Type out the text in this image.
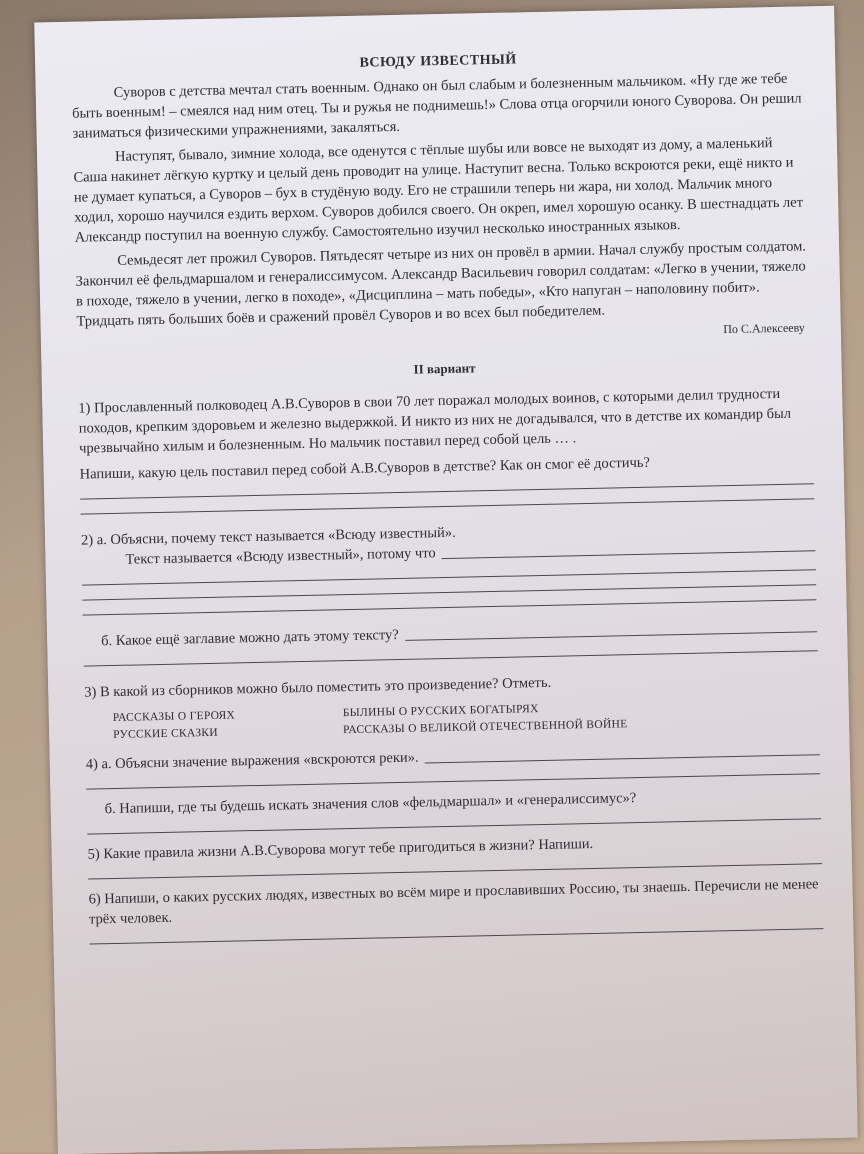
ВСЮДУ ИЗВЕСТНЫЙ

Суворов с детства мечтал стать военным. Однако он был слабым и болезненным мальчиком. «Ну где же тебе быть военным! – смеялся над ним отец. Ты и ружья не поднимешь!» Слова отца огорчили юного Суворова. Он решил заниматься физическими упражнениями, закаляться.

Наступят, бывало, зимние холода, все оденутся с тёплые шубы или вовсе не выходят из дому, а маленький Саша накинет лёгкую куртку и целый день проводит на улице. Наступит весна. Только вскроются реки, ещё никто и не думает купаться, а Суворов – бух в студёную воду. Его не страшили теперь ни жара, ни холод. Мальчик много ходил, хорошо научился ездить верхом. Суворов добился своего. Он окреп, имел хорошую осанку. В шестнадцать лет Александр поступил на военную службу. Самостоятельно изучил несколько иностранных языков.

Семьдесят лет прожил Суворов. Пятьдесят четыре из них он провёл в армии. Начал службу простым солдатом. Закончил её фельдмаршалом и генералиссимусом. Александр Васильевич говорил солдатам: «Легко в учении, тяжело в походе, тяжело в учении, легко в походе», «Дисциплина – мать победы», «Кто напуган – наполовину побит». Тридцать пять больших боёв и сражений провёл Суворов и во всех был победителем.	По С.Алексееву
II вариант

1) Прославленный полководец А.В.Суворов в свои 70 лет поражал молодых воинов, с которыми делил трудности походов, крепким здоровьем и железно выдержкой. И никто из них не догадывался, что в детстве их командир был чрезвычайно хилым и болезненным. Но мальчик поставил перед собой цель … .

Напиши, какую цель поставил перед собой А.В.Суворов в детстве? Как он смог её достичь?

2) а. Объясни, почему текст называется «Всюду известный».

Текст называется «Всюду известный», потому что
б. Какое ещё заглавие можно дать этому тексту?

3) В какой из сборников можно было поместить это произведение? Отметь.

РАССКАЗЫ О ГЕРОЯХ	БЫЛИНЫ О РУССКИХ БОГАТЫРЯХ
РУССКИЕ СКАЗКИ	РАССКАЗЫ О ВЕЛИКОЙ ОТЕЧЕСТВЕННОЙ ВОЙНЕ
4) а. Объясни значение выражения «вскроются реки».

б. Напиши, где ты будешь искать значения слов «фельдмаршал» и «генералиссимус»?

5) Какие правила жизни А.В.Суворова могут тебе пригодиться в жизни? Напиши.

6) Напиши, о каких русских людях, известных во всём мире и прославивших Россию, ты знаешь. Перечисли не менее трёх человек.
